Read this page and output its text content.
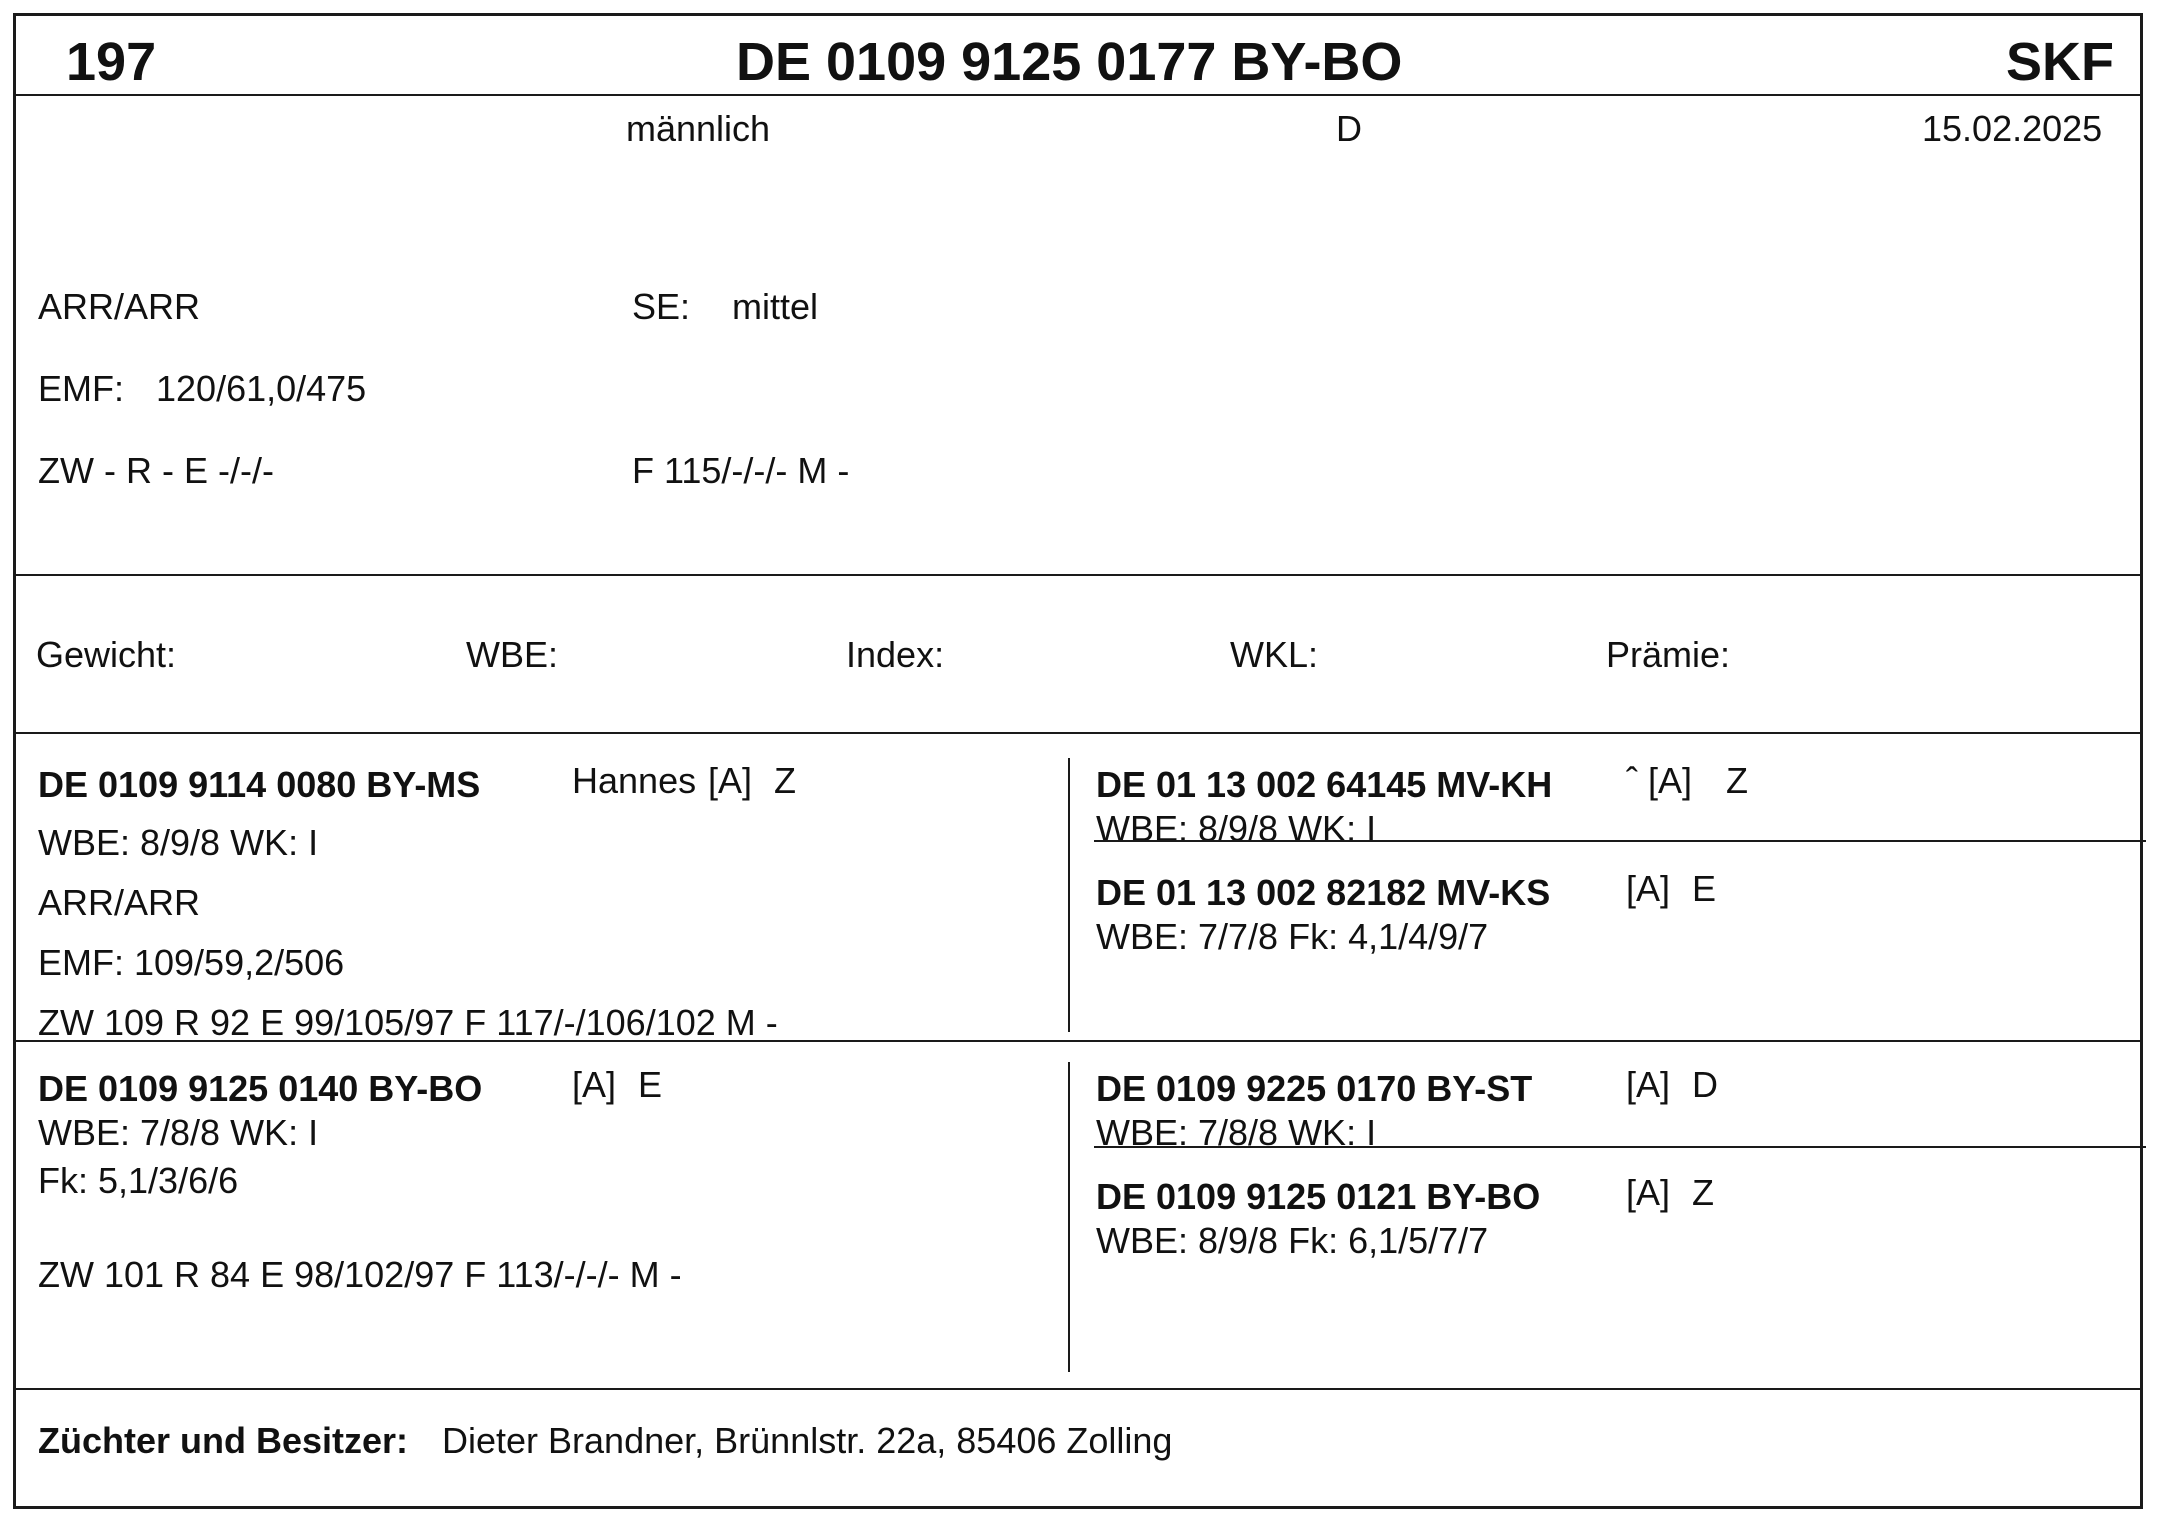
197	DE 0109 9125 0177 BY-BO	SKF
männlich	D	15.02.2025
ARR/ARR	SE: mittel
EMF: 120/61,0/475
ZW - R - E -/-/-	F 115/-/-/- M -
Gewicht:	WBE:	Index:	WKL:	Prämie:
DE 0109 9114 0080 BY-MS	Hannes [A] Z
WBE: 8/9/8 WK: I
ARR/ARR
EMF: 109/59,2/506
ZW 109 R 92 E 99/105/97 F 117/-/106/102 M -
DE 01 13 002 64145 MV-KH ˆ [A] Z
WBE: 8/9/8 WK: I
DE 01 13 002 82182 MV-KS [A] E
WBE: 7/7/8 Fk: 4,1/4/9/7
DE 0109 9125 0140 BY-BO [A] E
WBE: 7/8/8 WK: I
Fk: 5,1/3/6/6
ZW 101 R 84 E 98/102/97 F 113/-/-/- M -
DE 0109 9225 0170 BY-ST	[A] D
WBE: 7/8/8 WK: I
DE 0109 9125 0121 BY-BO [A] Z
WBE: 8/9/8 Fk: 6,1/5/7/7
Züchter und Besitzer: Dieter Brandner, Brünnlstr. 22a, 85406 Zolling
